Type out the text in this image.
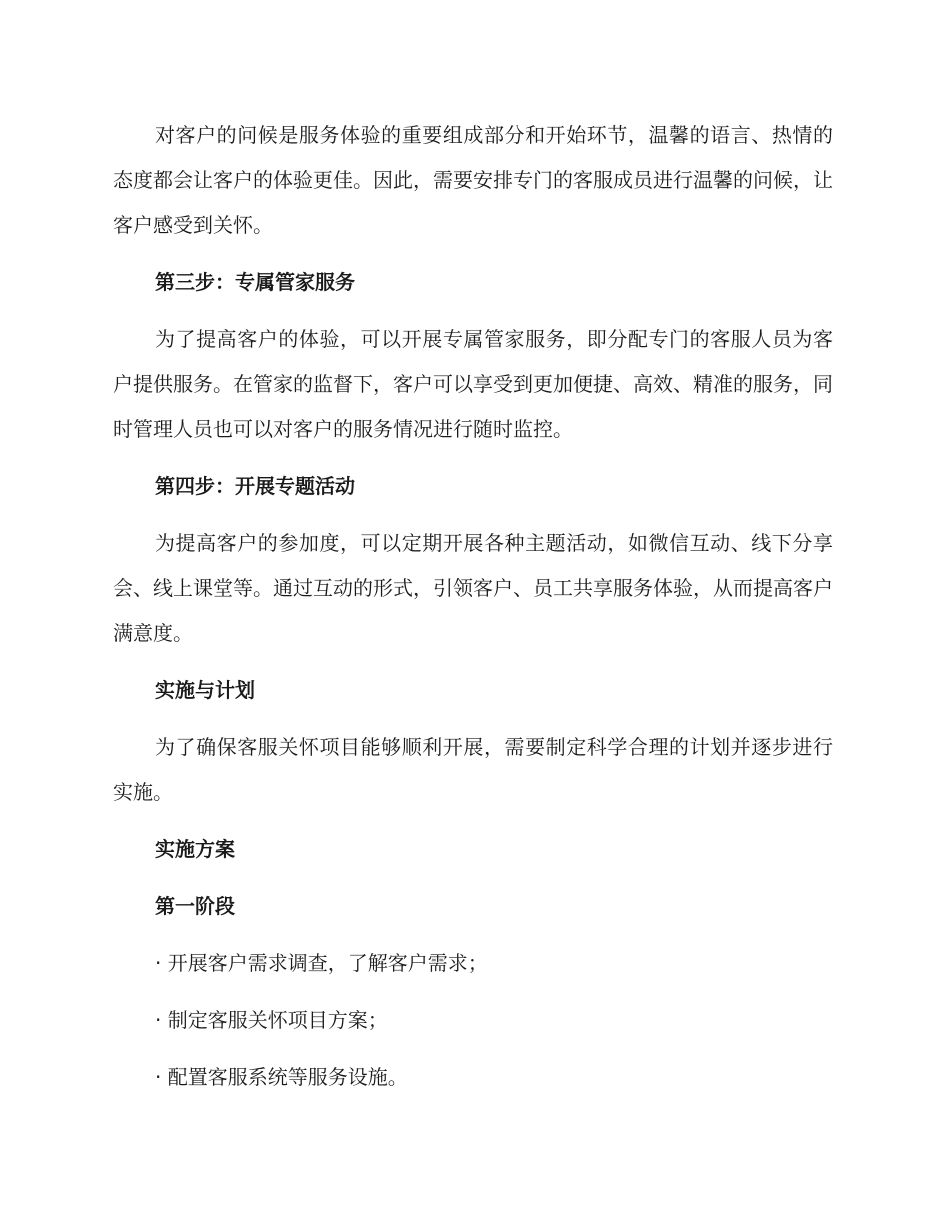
对客户的问候是服务体验的重要组成部分和开始环节，温馨的语言、热情的态度都会让客户的体验更佳。因此，需要安排专门的客服成员进行温馨的问候，让客户感受到关怀。

第三步：专属管家服务

为了提高客户的体验，可以开展专属管家服务，即分配专门的客服人员为客户提供服务。在管家的监督下，客户可以享受到更加便捷、高效、精准的服务，同时管理人员也可以对客户的服务情况进行随时监控。

第四步：开展专题活动

为提高客户的参加度，可以定期开展各种主题活动，如微信互动、线下分享会、线上课堂等。通过互动的形式，引领客户、员工共享服务体验，从而提高客户满意度。

实施与计划

为了确保客服关怀项目能够顺利开展，需要制定科学合理的计划并逐步进行实施。

实施方案
第一阶段
· 开展客户需求调查，了解客户需求；
· 制定客服关怀项目方案；
· 配置客服系统等服务设施。
